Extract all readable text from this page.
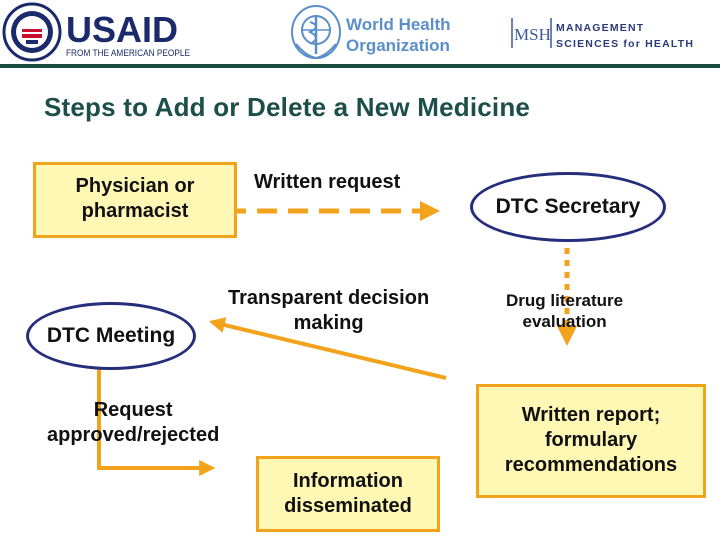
USAID
FROM THE AMERICAN PEOPLE
World Health
Organization
MSH MANAGEMENT
SCIENCES for HEALTH
Steps to Add or Delete a New Medicine
Physician or
pharmacist
Written request
DTC Secretary
Drug literature
evaluation
Transparent decision
making
DTC Meeting
Request
approved/rejected
Written report;
formulary
recommendations
Information
disseminated
